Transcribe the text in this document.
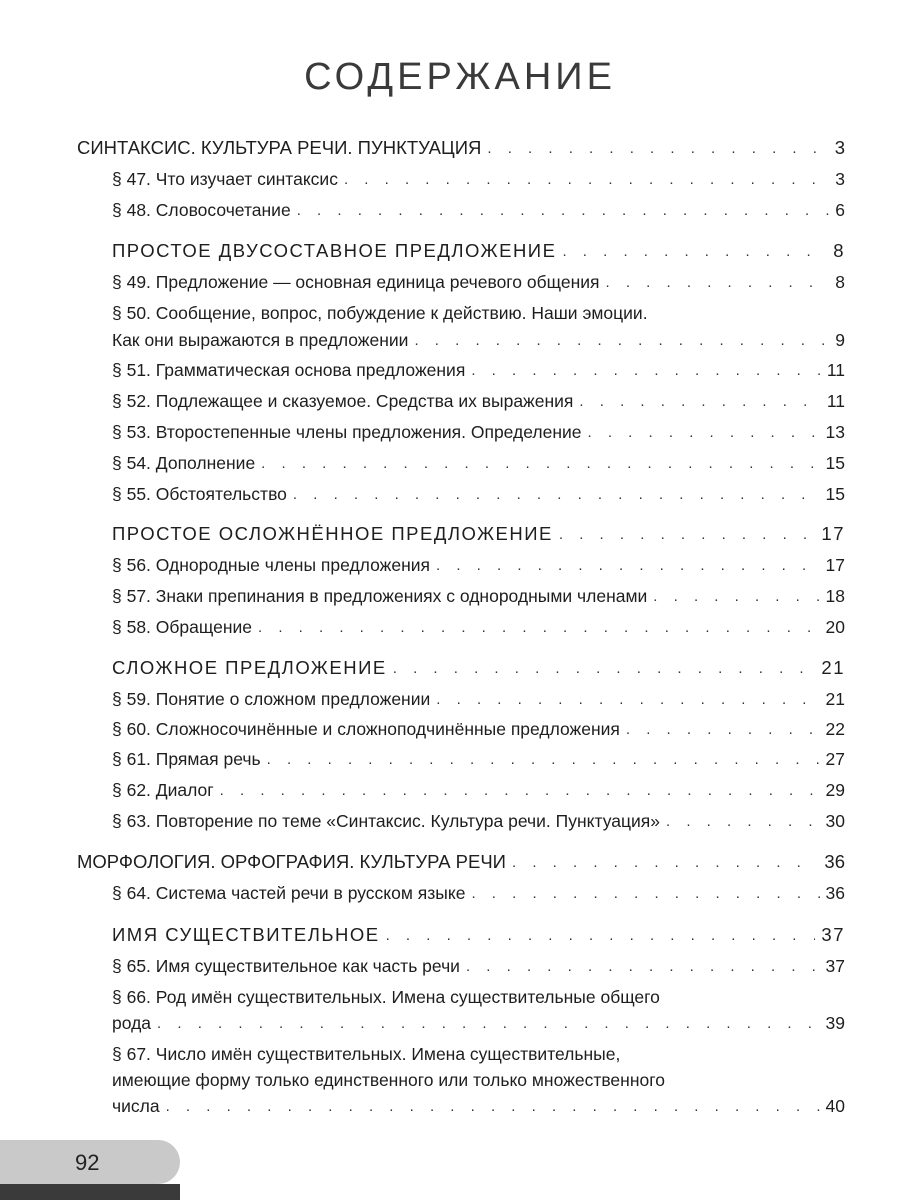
СОДЕРЖАНИЕ
СИНТАКСИС. КУЛЬТУРА РЕЧИ. ПУНКТУАЦИЯ . . .	3
§ 47. Что изучает синтаксис . . .	3
§ 48. Словосочетание . . .	6
ПРОСТОЕ ДВУСОСТАВНОЕ ПРЕДЛОЖЕНИЕ . . .	8
§ 49. Предложение — основная единица речевого общения . . .	8
§ 50. Сообщение, вопрос, побуждение к действию. Наши эмоции.
Как они выражаются в предложении . . .	9
§ 51. Грамматическая основа предложения . . .	11
§ 52. Подлежащее и сказуемое. Средства их выражения . . .	11
§ 53. Второстепенные члены предложения. Определение . . .	13
§ 54. Дополнение . . .	15
§ 55. Обстоятельство . . .	15
ПРОСТОЕ ОСЛОЖНЁННОЕ ПРЕДЛОЖЕНИЕ . . .	17
§ 56. Однородные члены предложения . . .	17
§ 57. Знаки препинания в предложениях с однородными членами . . .	18
§ 58. Обращение . . .	20
СЛОЖНОЕ ПРЕДЛОЖЕНИЕ . . .	21
§ 59. Понятие о сложном предложении . . .	21
§ 60. Сложносочинённые и сложноподчинённые предложения . . .	22
§ 61. Прямая речь . . .	27
§ 62. Диалог . . .	29
§ 63. Повторение по теме «Синтаксис. Культура речи. Пунктуация» . . .	30
МОРФОЛОГИЯ. ОРФОГРАФИЯ. КУЛЬТУРА РЕЧИ . . .	36
§ 64. Система частей речи в русском языке . . .	36
ИМЯ СУЩЕСТВИТЕЛЬНОЕ . . .	37
§ 65. Имя существительное как часть речи . . .	37
§ 66. Род имён существительных. Имена существительные общего
рода . . .	39
§ 67. Число имён существительных. Имена существительные,
имеющие форму только единственного или только множественного
числа . . .	40
92
